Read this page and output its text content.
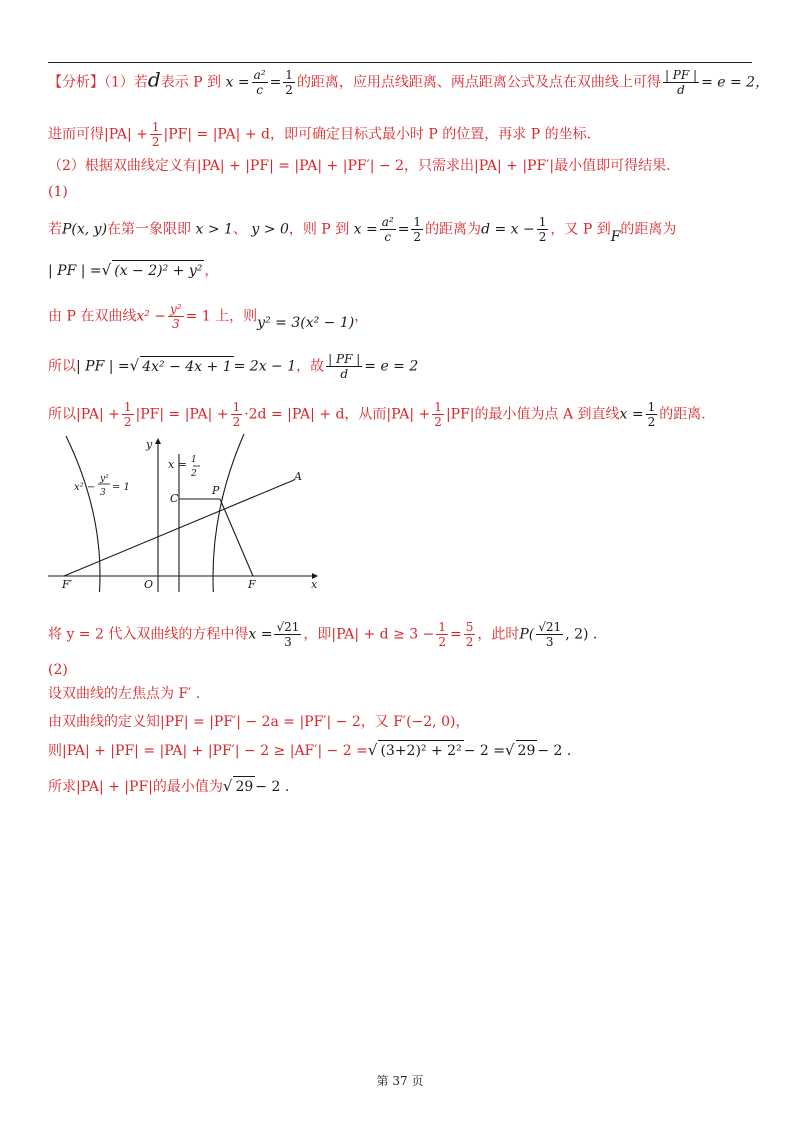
【分析】（1）若d表示 P 到 $x = \frac{\text{a²}}{c} = \frac{1}{2}$ 的距离，应用点线距离、两点距离公式及点在双曲线上可得 $\frac{| PF |}{d} = e = 2$，
进而可得$|PA| + \frac{1}{2} |PF| = |PA| + d$，即可确定目标式最小时 P 的位置，再求 P 的坐标.
（2）根据双曲线定义有|PA| + |PF| = |PA| + |PF′| − 2，只需求出|PA| + |PF′|最小值即可得结果.
(1)
若P(x, y)在第一象限即 x > 1、 y > 0，则 P 到 $x = \frac{\text{a²}}{c} = \frac{1}{2}$ 的距离为$d = x - \frac{1}{2}$ ，又 P 到F的距离为
| PF | =√ (x − 2)² + y² ，
由 P 在双曲线$x^2 - \frac{\text{y²}}{3} = 1$ 上，则y² = 3(x² − 1)，
所以| PF | =√ 4x² − 4x + 1 = 2x − 1，故 $\frac{| PF |}{d} = e = 2$
所以$|PA| + \frac{1}{2} |PF| = |PA| + \frac{1}{2} \cdot 2d = |PA| + d$，从而$|PA| + \frac{1}{2} |PF|$的最小值为点 A 到直线$x = \frac{1}{2}$ 的距离.
y
x
O
x = 1
2
x² −
y²
3 = 1
C
P
A
F
F′
将 y = 2 代入双曲线的方程中得$x = \frac{√21}{3}$ ，即$|PA| + d \ge 3 - \frac{1}{2} = \frac{5}{2}$ ，此时$P( \frac{√21}{3}$ , 2) .
(2)
设双曲线的左焦点为 F′ .
由双曲线的定义知|PF| = |PF′| − 2a = |PF′| − 2，又 F′(−2, 0)，
则|PA| + |PF| = |PA| + |PF′| − 2 ≥ |AF′| − 2 =√ (3+2)² + 2² − 2 =√ 29 − 2 .
所求|PA| + |PF|的最小值为√ 29 − 2 .
第 37 页
